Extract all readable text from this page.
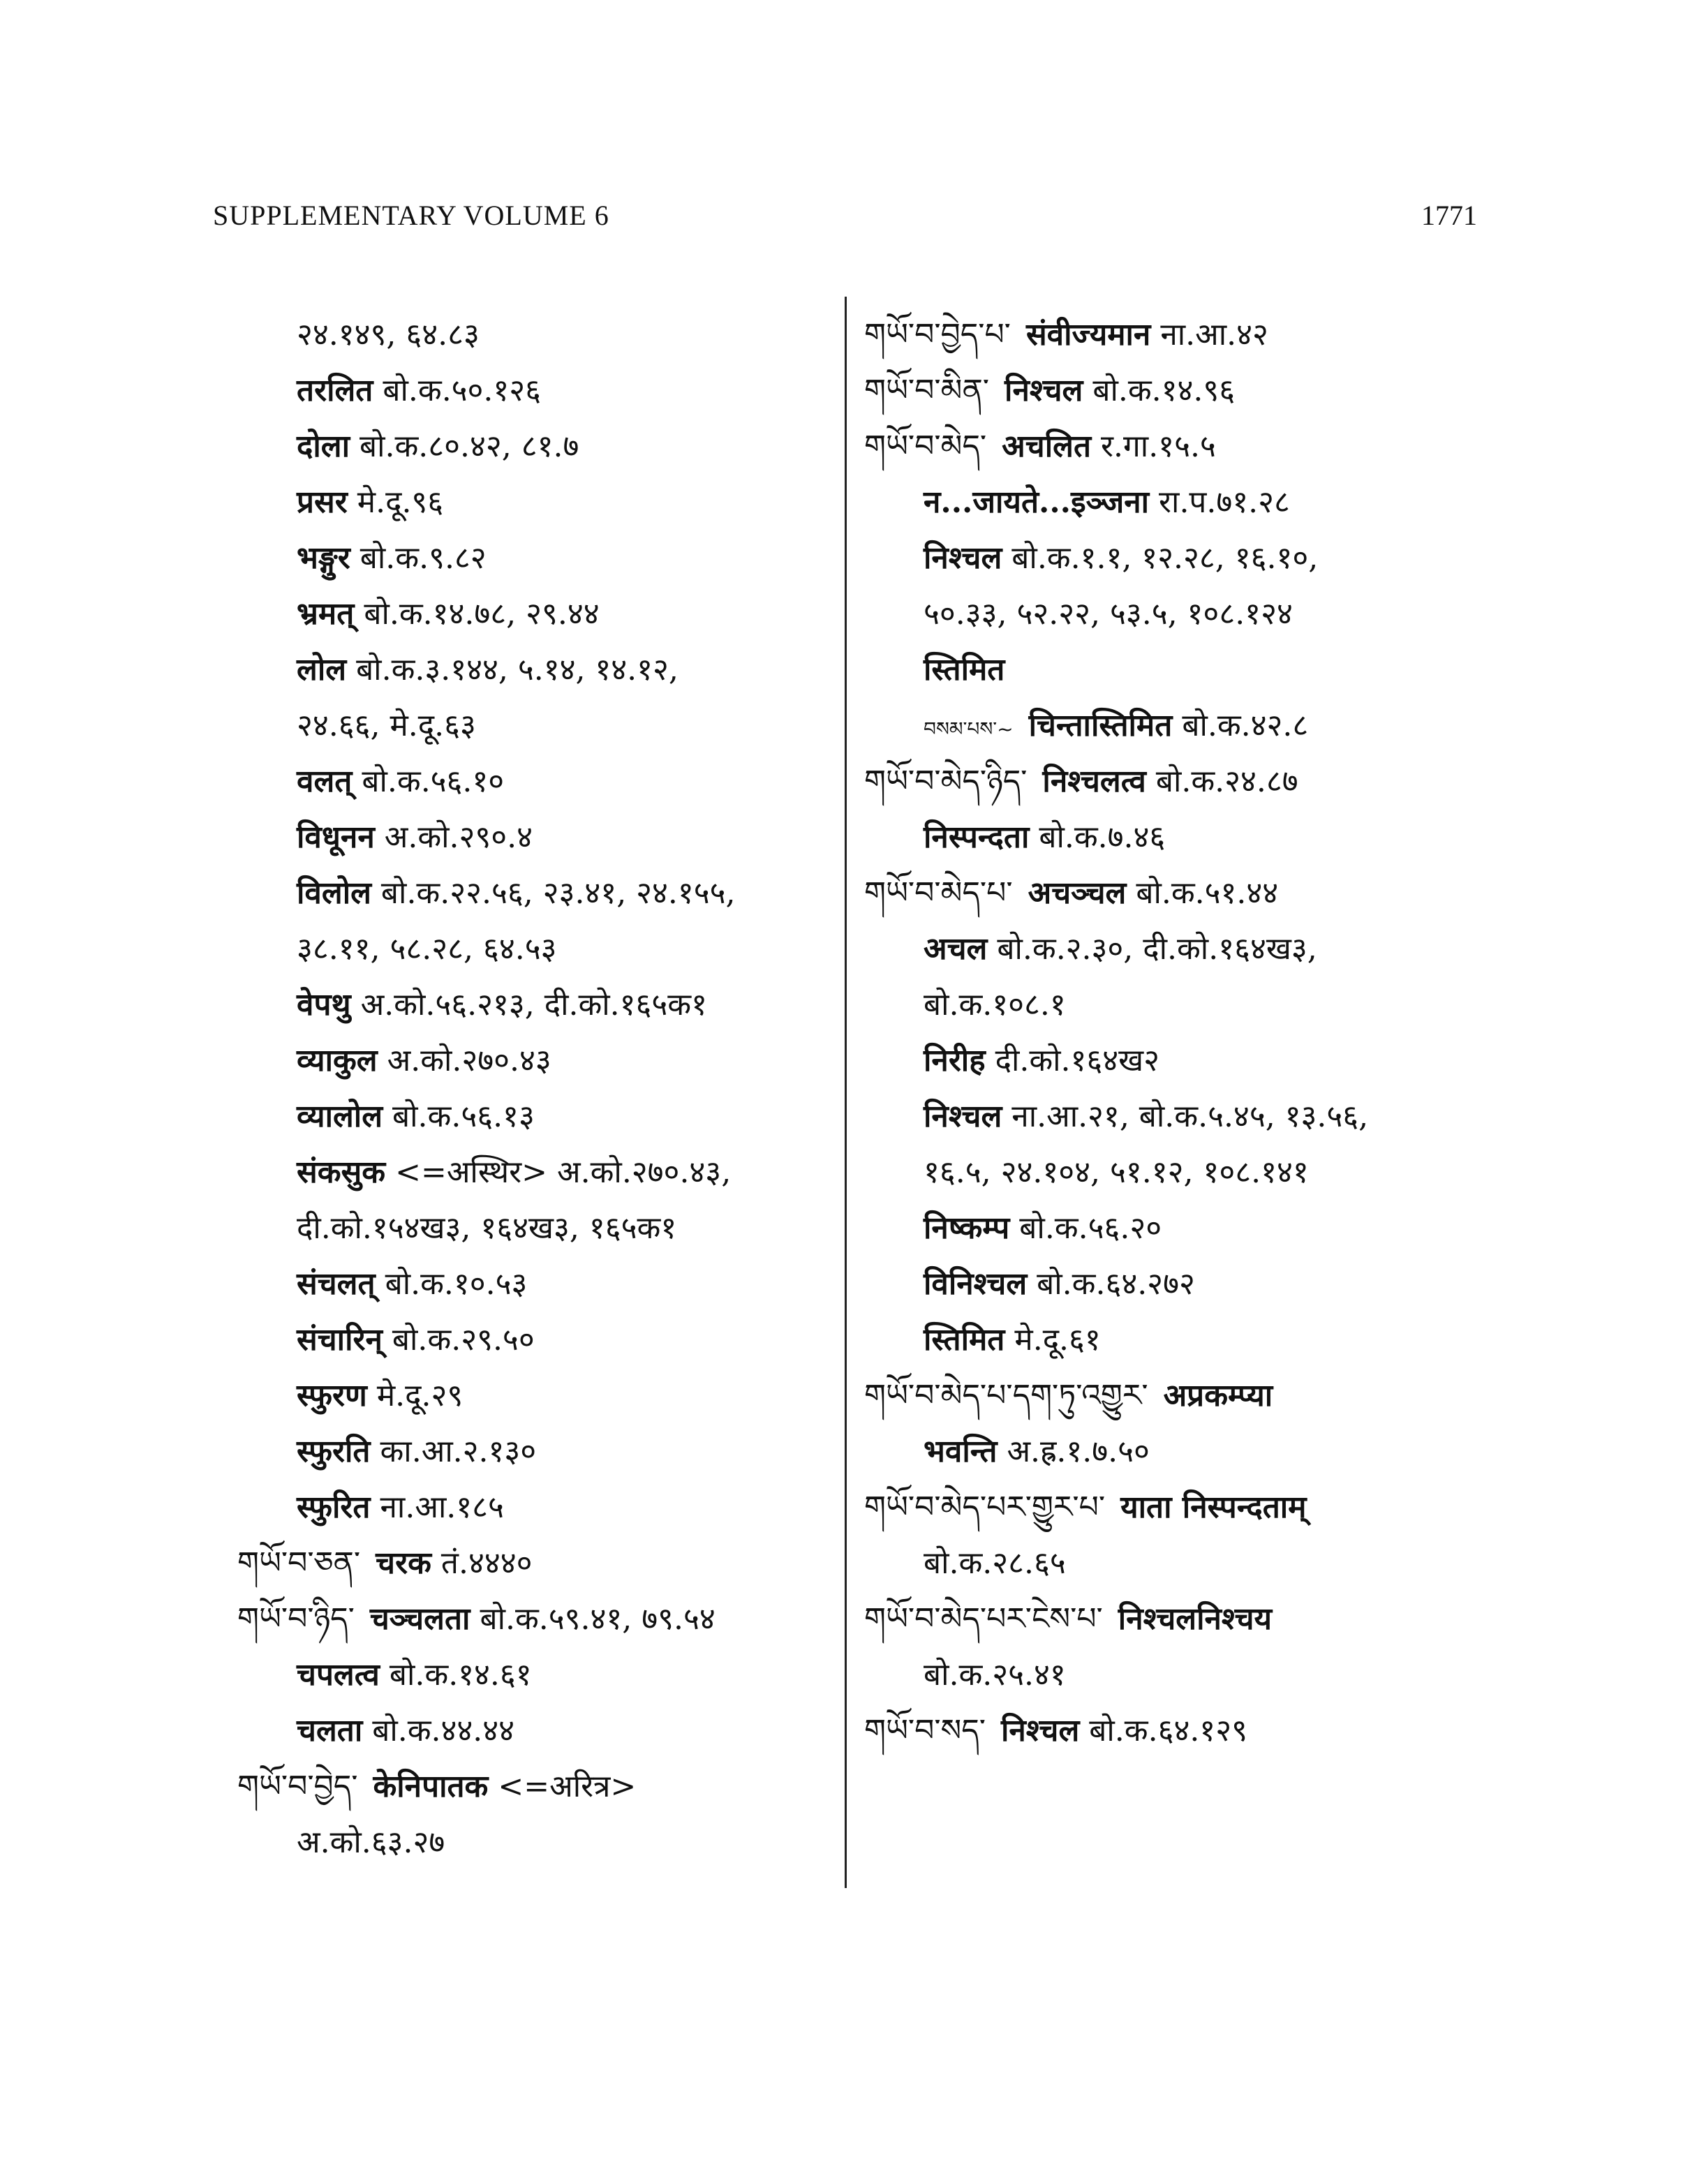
SUPPLEMENTARY VOLUME 6	1771
२४.१४९, ६४.८३
तरलित बो.क.५०.१२६
दोला बो.क.८०.४२, ८१.७
प्रसर मे.दू.९६
भङ्गुर बो.क.९.८२
भ्रमत् बो.क.१४.७८, २९.४४
लोल बो.क.३.१४४, ५.१४, १४.१२,
२४.६६, मे.दू.६३
वलत् बो.क.५६.१०
विधूनन अ.को.२९०.४
विलोल बो.क.२२.५६, २३.४१, २४.१५५,
३८.११, ५८.२८, ६४.५३
वेपथु अ.को.५६.२१३, दी.को.१६५क१
व्याकुल अ.को.२७०.४३
व्यालोल बो.क.५६.१३
संकसुक <=अस्थिर> अ.को.२७०.४३,
दी.को.१५४ख३, १६४ख३, १६५क१
संचलत् बो.क.१०.५३
संचारिन् बो.क.२९.५०
स्फुरण मे.दू.२९
स्फुरति का.आ.२.१३०
स्फुरित ना.आ.१८५
གཡོ་བ་ཅན་ चरक तं.४४४०
གཡོ་བ་ཉིད་ चञ्चलता बो.क.५९.४१, ७९.५४
चपलत्व बो.क.१४.६१
चलता बो.क.४४.४४
གཡོ་བ་བྱེད་ केनिपातक <=अरित्र>
अ.को.६३.२७
གཡོ་བ་བྱེད་པ་ संवीज्यमान ना.आ.४२
གཡོ་བ་མིན་ निश्चल बो.क.१४.९६
གཡོ་བ་མེད་ अचलित र.गा.१५.५
न...जायते...इञ्जना रा.प.७१.२८
निश्चल बो.क.१.१, १२.२८, १६.१०,
५०.३३, ५२.२२, ५३.५, १०८.१२४
स्तिमित
བསམ་པས་~ चिन्तास्तिमित बो.क.४२.८
གཡོ་བ་མེད་ཉིད་ निश्चलत्व बो.क.२४.८७
निस्पन्दता बो.क.७.४६
གཡོ་བ་མེད་པ་ अचञ्चल बो.क.५१.४४
अचल बो.क.२.३०, दी.को.१६४ख३,
बो.क.१०८.१
निरीह दी.को.१६४ख२
निश्चल ना.आ.२१, बो.क.५.४५, १३.५६,
१६.५, २४.१०४, ५१.१२, १०८.१४१
निष्कम्प बो.क.५६.२०
विनिश्चल बो.क.६४.२७२
स्तिमित मे.दू.६१
གཡོ་བ་མེད་པ་དག་ཏུ་འགྱུར་ अप्रकम्प्या
भवन्ति अ.ह्र.१.७.५०
གཡོ་བ་མེད་པར་གྱུར་པ་ याता निस्पन्दताम्
बो.क.२८.६५
གཡོ་བ་མེད་པར་ངེས་པ་ निश्चलनिश्चय
बो.क.२५.४१
གཡོ་བ་སད་ निश्चल बो.क.६४.१२९
